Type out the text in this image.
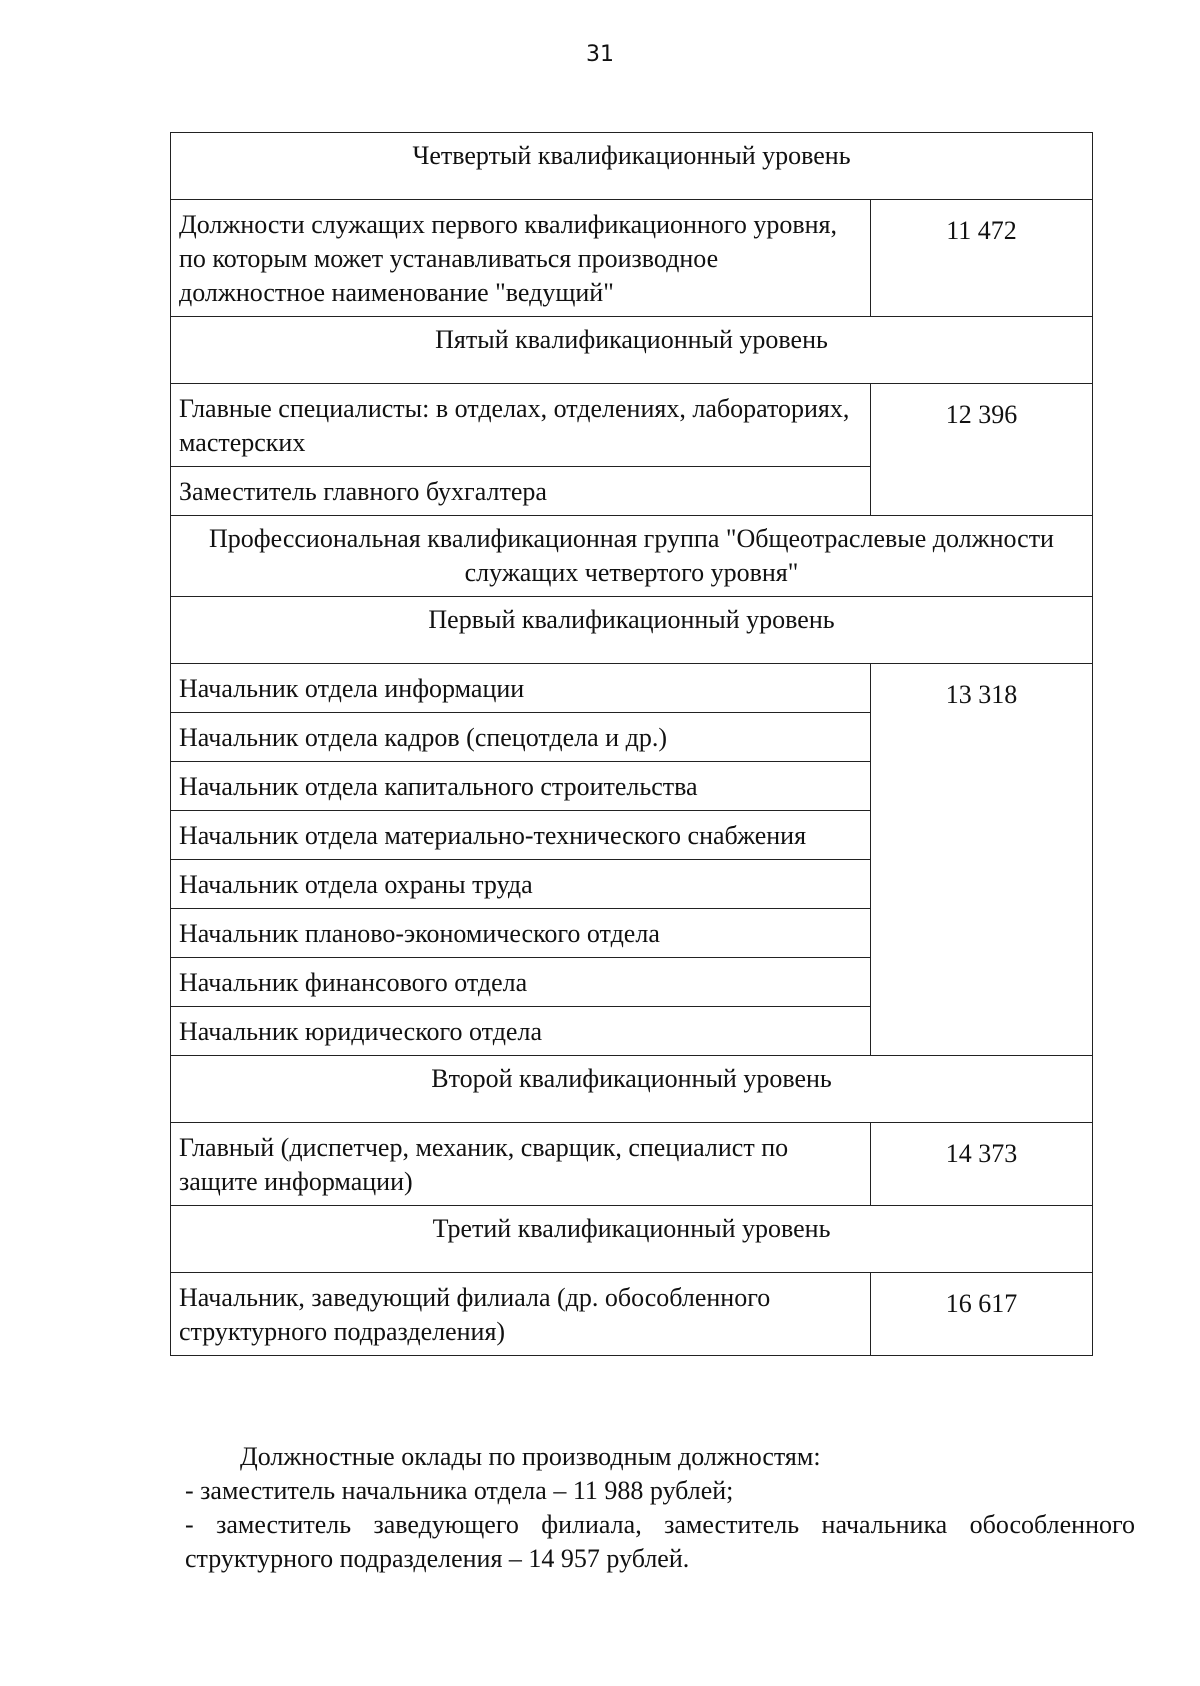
31
Четвертый квалификационный уровень	
Должности служащих первого квалификационного уровня, по которым может устанавливаться производное должностное наименование "ведущий"	11 472
Пятый квалификационный уровень	
Главные специалисты: в отделах, отделениях, лабораториях, мастерских	12 396
Заместитель главного бухгалтера	
Профессиональная квалификационная группа "Общеотраслевые должности служащих четвертого уровня"	
Первый квалификационный уровень	
Начальник отдела информации	13 318
Начальник отдела кадров (спецотдела и др.)	
Начальник отдела капитального строительства	
Начальник отдела материально-технического снабжения	
Начальник отдела охраны труда	
Начальник планово-экономического отдела	
Начальник финансового отдела	
Начальник юридического отдела	
Второй квалификационный уровень	
Главный (диспетчер, механик, сварщик, специалист по защите информации)	14 373
Третий квалификационный уровень	
Начальник, заведующий филиала (др. обособленного структурного подразделения)	16 617

Должностные оклады по производным должностям:

- заместитель начальника отдела – 11 988 рублей;

- заместитель заведующего филиала, заместитель начальника обособленного структурного подразделения – 14 957 рублей.
